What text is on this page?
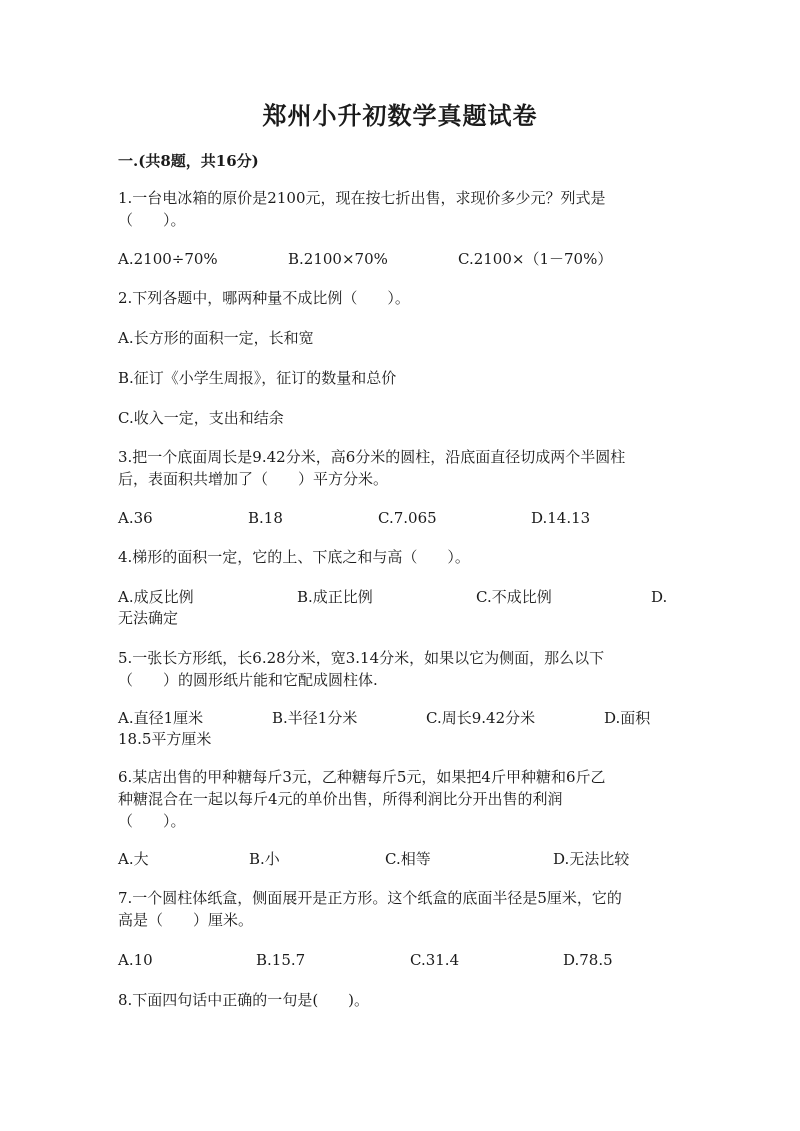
郑州小升初数学真题试卷
一.(共8题，共16分)
1.一台电冰箱的原价是2100元，现在按七折出售，求现价多少元？列式是
（　　）。
A.2100÷70%	B.2100×70%	C.2100×（1－70%）
2.下列各题中，哪两种量不成比例（　　）。
A.长方形的面积一定，长和宽
B.征订《小学生周报》，征订的数量和总价
C.收入一定，支出和结余
3.把一个底面周长是9.42分米，高6分米的圆柱，沿底面直径切成两个半圆柱
后，表面积共增加了（　　）平方分米。
A.36	B.18	C.7.065	D.14.13
4.梯形的面积一定，它的上、下底之和与高（　　）。
A.成反比例	B.成正比例	C.不成比例	D.
无法确定
5.一张长方形纸，长6.28分米，宽3.14分米，如果以它为侧面，那么以下
（　　）的圆形纸片能和它配成圆柱体.
A.直径1厘米	B.半径1分米	C.周长9.42分米	D.面积
18.5平方厘米
6.某店出售的甲种糖每斤3元，乙种糖每斤5元，如果把4斤甲种糖和6斤乙
种糖混合在一起以每斤4元的单价出售，所得利润比分开出售的利润
（　　）。
A.大	B.小	C.相等	D.无法比较
7.一个圆柱体纸盒，侧面展开是正方形。这个纸盒的底面半径是5厘米，它的
高是（　　）厘米。
A.10	B.15.7	C.31.4	D.78.5
8.下面四句话中正确的一句是(　　)。
